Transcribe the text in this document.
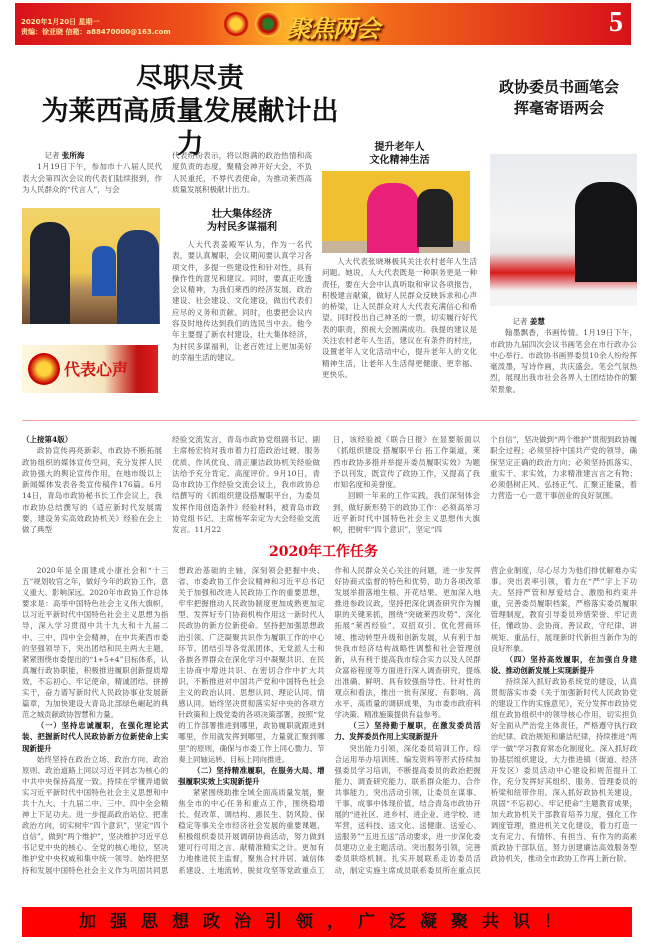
2020年1月20日 星期一
责编：徐亚晓 信箱：a88470000@163.com	聚焦两会	5
尽职尽责
为莱西高质量发展献计出力
政协委员书画笔会
挥毫寄语两会
记者 张所海

1月19日下午，参加市十八届人民代表大会第四次会议的代表们陆续报到，作为人民群众的“代言人”，与会

代表纷纷表示，将以饱满的政治热情和高度负责的态度，聚精会神开好大会，不负人民重托，不辱代表使命，为推动莱西高质量发展积极献计出力。
代表心声
壮大集体经济
为村民多谋福利

人大代表姜殿军认为，作为一名代表，要认真履职，会议期间要认真学习各项文件，多提一些建设性和针对性，具有操作性的意见和建议。同时，要真正吃透会议精神，为我们莱西的经济发展、政治建设、社会建设、文化建设，做出代表们应尽的义务和贡献。同时，也要把会议内容及时地传达到我们的选民当中去。他今年主要提了新农村建设，壮大集体经济，为村民多谋福利，让老百姓过上更加美好的幸福生活的建议。

提升老年人
文化精神生活

人大代表张晓琳极其关注农村老年人生活问题。她说，人大代表既是一种职务更是一种责任，要在大会中认真听取和审议各项报告，积极建言献策，做好人民群众反映诉求和心声的桥梁，让人民群众对人大代表充满信心和希望。同时投出自己神圣的一票，切实履行好代表的职责，预祝大会圆满成功。我提的建议是关注农村老年人生活，建议在有条件的村庄，设置老年人文化活动中心，提升老年人的文化精神生活，让老年人生活得更健康、更幸福、更快乐。

记者 姜慧

翰墨飘香，书画传情。1月19日下午，市政协九届四次会议书画笔会在市行政办公中心举行。市政协书画界委员10余人纷纷挥毫泼墨，写诗作画，共庆盛会。笔会气氛热烈，展现出我市社会各界人士团结协作的繁荣景象。

（上接第4版）

政协宣传再亮新彩。市政协不断拓展政协组织的媒体宣传空间，充分发挥人民政协强大的舆论宣传作用，在地市级以上新闻媒体发表各类宣传稿件176篇。6月14日，青岛市政协秘书长工作会议上，我市政协总结撰写的《适应新时代发展需要，建设务实高效政协机关》经验在会上做了典型

经验交流发言，青岛市政协党组副书记、副主席杨宏钧对我市着力打造政治过硬、服务优质、作风优良、清正廉洁政协机关经验做法给予充分肯定、高度评价。9月10日，青岛市政协工作经验交流会议上，我市政协总结撰写的《抓组织建设搭履职平台，为委员发挥作用创造条件》经验材料，被青岛市政协党组书记、主席杨军亲定为大会经验交流发言。11月22
日，该经验被《联合日报》在显要版面以《抓组织建设 搭履职平台 拓工作渠道，莱西市政协多措并举提升委员履职实效》为题予以刊发，既宣传了政协工作，又提高了我市知名度和美誉度。

回顾一年来的工作实践，我们深刻体会到，做好新形势下的政协工作：必须高举习近平新时代中国特色社会主义思想伟大旗帜，把树牢“四个意识”，坚定“四

个自信”，坚决做到“两个维护”贯彻到政协履职全过程；必须坚持中国共产党的领导，确保坚定正确的政治方向；必须坚持抓落实、重实干、求实效，力求精准建言言之有物；必须倡树正风、弘扬正气、汇聚正能量，着力营造一心一意干事创业的良好氛围。
2020年工作任务

2020年是全面建成小康社会和“十三五”规划收官之年，做好今年的政协工作，意义重大、影响深远。2020年市政协工作总体要求是：高举中国特色社会主义伟大旗帜，以习近平新时代中国特色社会主义思想为指导，深入学习贯彻中共十九大和十九届二中、三中、四中全会精神，在中共莱西市委的坚强领导下，突出团结和民主两大主题，紧紧围绕市委提出的“1+5+4”目标体系，认真履行政协职能，积极推进履职创新提质增效，不忘初心、牢记使命，精诚团结、拼搏实干，奋力谱写新时代人民政协事业发展新篇章，为加快建设大青岛北部绿色崛起的典范之城贡献政协智慧和力量。

（一）坚持忠诚履职，在强化理论武装、把握新时代人民政协新方位新使命上实现新提升

始终坚持在政治立场、政治方向、政治原则、政治道路上同以习近平同志为核心的中共中央保持高度一致。持续在学懂弄通做实习近平新时代中国特色社会主义思想和中共十九大、十九届二中、三中、四中全会精神上下足功夫。进一步提高政治站位、把准政治方向，切实树牢“四个意识”，坚定“四个自信”，做到“两个维护”，坚决维护习近平总书记党中央的核心、全党的核心地位，坚决维护党中央权威和集中统一领导。始终把坚持和发展中国特色社会主义作为巩固共同思想政治基础的主轴，深刻领会把握中央、省、市委政协工作会议精神和习近平总书记关于加强和改进人民政协工作的重要思想，牢牢把握推动人民政协制度更加成熟更加定型、发挥好专门协商机构作用这一新时代人民政协的新方位新使命。坚持把加强思想政治引领、广泛凝聚共识作为履职工作的中心环节。团结引导各党派团体、无党派人士和各族各界群众在深化学习中凝聚共识、在民主协商中增进共识、在密切合作中扩大共识，不断推进对中国共产党和中国特色社会主义的政治认同、思想认同、理论认同、情感认同。始终坚决贯彻落实好中央的各项方针政策和上级党委的各项决策部署，按照“党的工作部署推进到哪里，政协履职就跟进到哪里，作用就发挥到哪里，力量就汇聚到哪里”的原则，确保与市委工作上同心勠力、节奏上同轴运转、目标上同向推进。

（二）坚持精准履职，在服务大局、增强履职实效上实现新提升

紧紧围绕助推全域全面高质量发展，聚焦全市的中心任务和重点工作，围绕稳增长、促改革、调结构、惠民生、防风险、保稳定等事关全市经济社会发展的重要课题，积极组织委员开展调研协商活动，努力做到建可行可用之言、献精准精实之计。更加有力地推进民主监督，聚焦合村并居、诚信体系建设、土地流转、脱贫攻坚等党政重点工作和人民群众关心关注的问题，进一步发挥好协商式监督的特色和优势，助力各项改革发展举措落地生根、开花结果。更加深入地推进参政议政，坚持把深化调查研究作为履职的关键来抓，围绕“突破莱西攻势”、深化拓展“莱西经验”、双招双引、优化营商环境、推动转型升级和创新发展，从有利于加快我市经济结构战略性调整和社会管理创新，从有利于提高我市综合实力以及人民群众富裕程度等方面进行深入调查研究，提炼出准确、鲜明、具有较强指导性、针对性的观点和看法，推出一批有深度、有影响、高水平、高质量的调研成果，为市委市政府科学决策、精准施策提供有益参考。

（三）坚持勤于履职，在激发委员活力、发挥委员作用上实现新提升

突出能力引领，深化委员培训工作。综合运用举办培训班、编发资料等形式持续加强委员学习培训，不断提高委员的政治把握能力、调查研究能力、联系群众能力、合作共事能力。突出活动引领，让委员在谋事、干事、成事中体现价值。结合青岛市政协开展的“进社区、进乡村、进企业、进学校、进军营，送科技、送文化、送健康、送爱心、送服务”“五进五送”活动要求，进一步深化委员建功立业主题活动。突出服务引领，完善委员联络机制。扎实开展联系走访委员活动，制定实施主席成员联系委员所在重点民营企业制度，尽心尽力为他们排忧解难办实事。突出表率引领，着力在“严”字上下功夫。坚持严管和厚爱结合、激励和约束并重，完善委员履职档案，严格落实委员履职管理制度，教育引导委员珍惜荣誉、牢记责任，懂政协、会协商、善议政，守纪律、讲规矩、重品行，展现新时代新担当新作为的良好形象。

（四）坚持高效履职，在加强自身建设、推动创新发展上实现新提升

持续深入抓好政协系统党的建设，认真贯彻落实市委《关于加强新时代人民政协党的建设工作的实施意见》，充分发挥市政协党组在政协组织中的领导核心作用，切实担负好全面从严治党主体责任，严格遵守执行政治纪律、政治规矩和廉洁纪律，持续推进“两学一做”学习教育常态化制度化。深入抓好政协基层组织建设，大力推进镇（街道、经济开发区）委员活动中心建设和规范提升工作，充分发挥好其组织、服务、管理委员的桥梁和纽带作用。深入抓好政协机关建设，巩固“不忘初心、牢记使命”主题教育成果，加大政协机关干部教育培养力度，强化工作调度管理，推进机关文化建设，着力打造一支有定力、有情怀、有担当、有作为的高素质政协干部队伍，努力创建廉洁高效服务型政协机关，推动全市政协工作再上新台阶。

加强思想政治引领，广泛凝聚共识！
